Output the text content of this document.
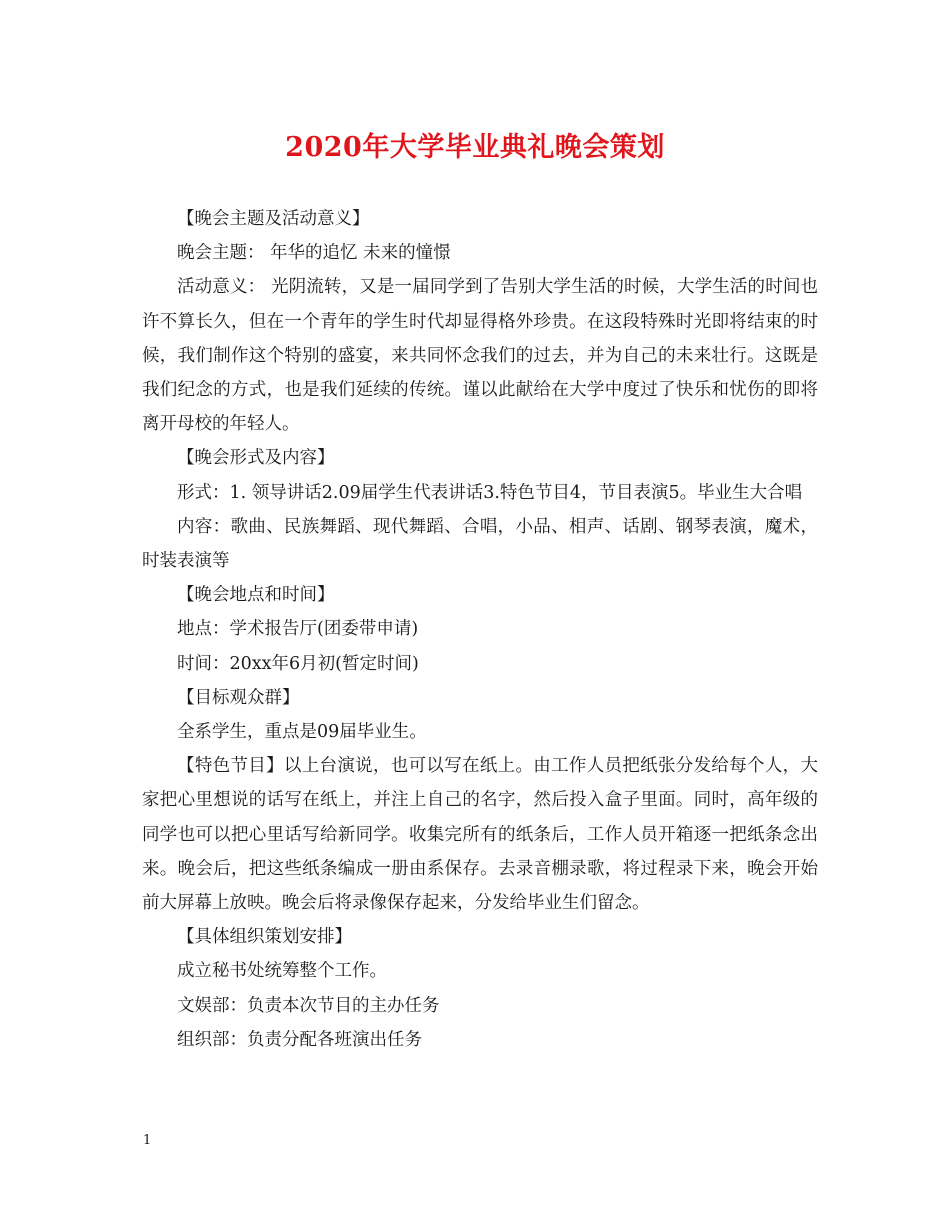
2020年大学毕业典礼晚会策划

【晚会主题及活动意义】

晚会主题： 年华的追忆 未来的憧憬

活动意义： 光阴流转，又是一届同学到了告别大学生活的时候，大学生活的时间也许不算长久，但在一个青年的学生时代却显得格外珍贵。在这段特殊时光即将结束的时候，我们制作这个特别的盛宴，来共同怀念我们的过去，并为自己的未来壮行。这既是我们纪念的方式，也是我们延续的传统。谨以此献给在大学中度过了快乐和忧伤的即将离开母校的年轻人。

【晚会形式及内容】

形式：1. 领导讲话2.09届学生代表讲话3.特色节目4，节目表演5。毕业生大合唱

内容：歌曲、民族舞蹈、现代舞蹈、合唱，小品、相声、话剧、钢琴表演，魔术，时装表演等

【晚会地点和时间】

地点：学术报告厅(团委带申请)

时间：20xx年6月初(暂定时间)

【目标观众群】

全系学生，重点是09届毕业生。

【特色节目】以上台演说，也可以写在纸上。由工作人员把纸张分发给每个人，大家把心里想说的话写在纸上，并注上自己的名字，然后投入盒子里面。同时，高年级的同学也可以把心里话写给新同学。收集完所有的纸条后，工作人员开箱逐一把纸条念出来。晚会后，把这些纸条编成一册由系保存。去录音棚录歌，将过程录下来，晚会开始前大屏幕上放映。晚会后将录像保存起来，分发给毕业生们留念。

【具体组织策划安排】

成立秘书处统筹整个工作。

文娱部：负责本次节目的主办任务

组织部：负责分配各班演出任务

1
